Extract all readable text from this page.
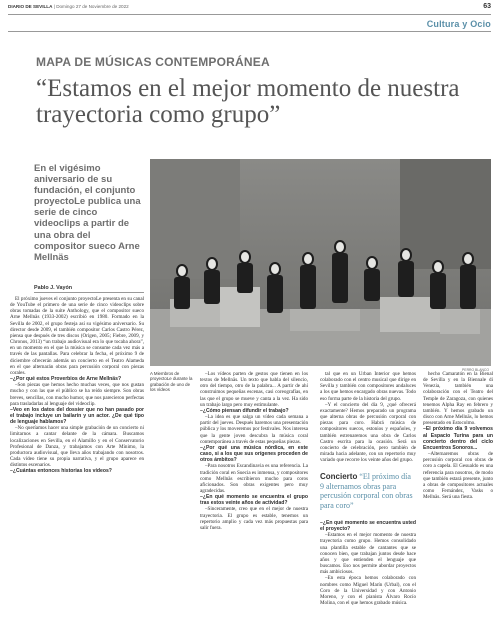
DIARIO DE SEVILLA | Domingo 27 de Noviembre de 2022	63
Cultura y Ocio
MAPA DE MÚSICAS CONTEMPORÁNEA
“Estamos en el mejor momento de nuestra trayectoria como grupo”
En el vigésimo aniversario de su fundación, el conjunto proyectoLe publica una serie de cinco videoclips a partir de una obra del compositor sueco Arne Mellnäs
Pablo J. Vayón
PERRO BLANCO
A Miembros de proyectoLe durante la grabación de uno de los vídeos

El próximo jueves el conjunto proyectoLe presenta en su canal de YouTube el primero de una serie de cinco videoclips sobre obras tomadas de la suite Anthology, que el compositor sueco Arne Mellnäs (1933-2002) escribió en 1980. Formado en la Sevilla de 2002, el grupo festeja así su vigésimo aniversario. Su director desde 2009, el también compositor Carlos Castro Pérez, piensa que después de tres discos (Origen, 2005; Fiebre, 2009, y Chronos, 2013) “un trabajo audiovisual era lo que tocaba ahora”, en un momento en el que la música se consume cada vez más a través de las pantallas. Para celebrar la fecha, el próximo 9 de diciembre ofrecerán además un concierto en el Teatro Alameda en el que alternarán obras para percusión corporal con piezas corales.

–¿Por qué estos Proverbios de Arne Mellnäs?

–Son piezas que hemos hecho muchas veces, que nos gustan mucho y con las que el público se ha reído siempre. Son obras breves, sencillas, con mucho humor, que nos parecieron perfectas para trasladarlas al lenguaje del videoclip.

–Veo en los datos del dossier que no han pasado por el trabajo incluye un bailarín y un actor. ¿De qué tipo de lenguaje hablamos?

–No queríamos hacer una simple grabación de un concierto ni limitarnos a cantar delante de la cámara. Buscamos localizaciones en Sevilla, en el Alamillo y en el Conservatorio Profesional de Danza, y trabajamos con Arte Mínimo, la productora audiovisual, que lleva años trabajando con nosotros. Cada vídeo tiene su propia narrativa, y el grupo aparece en distintos escenarios.

–¿Cuántas entonces historias los vídeos?

–Los vídeos parten de gestos que tienen en los textos de Mellnäs. Un texto que habla del silencio, otro del tiempo, otro de la palabra... A partir de ahí construimos pequeñas escenas, casi coreografías, en las que el grupo se mueve y canta a la vez. Ha sido un trabajo largo pero muy estimulante.

–¿Cómo piensan difundir el trabajo?

–La idea es que salga un vídeo cada semana a partir del jueves. Después haremos una presentación pública y los moveremos por festivales. Nos interesa que la gente joven descubra la música coral contemporánea a través de estas pequeñas piezas.

–¿Por qué una música nórdica, en este caso, si a los que sus orígenes proceden de otros ámbitos?

–Para nosotros Escandinavia es una referencia. La tradición coral en Suecia es inmensa, y compositores como Mellnäs escribieron mucho para coros aficionados. Son obras exigentes pero muy agradecidas.

–¿En qué momento se encuentra el grupo tras estos veinte años de actividad?

–Sinceramente, creo que en el mejor de nuestra trayectoria. El grupo es estable, tenemos un repertorio amplio y cada vez más propuestas para salir fuera.

tal que en un Urban Interior que hemos colaborado con el centro musical que dirige en Sevilla y también con compositores andaluces a los que hemos encargado obras nuevas. Todo eso forma parte de la historia del grupo.

–Y el concierto del día 9, ¿qué ofrecerá exactamente? Hemos preparado un programa que alterna obras de percusión corporal con piezas para coro. Habrá música de compositores suecos, estonios y españoles, y también estrenaremos una obra de Carlos Castro escrita para la ocasión. Será un concierto de celebración, pero también de mirada hacia adelante, con un repertorio muy variado que recorre los veinte años del grupo.

Concierto “El próximo día 9 alternamos obras para percusión corporal con obras para coro”

–¿En qué momento se encuentra usted el proyecto?

–Estamos en el mejor momento de nuestra trayectoria como grupo. Hemos consolidado una plantilla estable de cantantes que se conocen bien, que trabajan juntos desde hace años y que entienden el lenguaje que buscamos. Eso nos permite abordar proyectos más ambiciosos.

–En esta época hemos colaborado con nombres como Miguel Marín (Urbal), con el Coro de la Universidad y con Antonio Moreno, y con el pianista Álvaro Rocío Molina, con el que hemos grabado música.

hecho Camaratón en la Bienal de Sevilla y en la Biennale di Venezia, también una colaboración con el Teatro del Temple de Zaragoza, con quienes tenemos Alpha Ray en febrero y también. Y hemos grabado un disco con Arne Mellnäs, lo hemos presentado en Estocolmo.

–El próximo día 9 volvemos al Espacio Turina para un concierto dentro del ciclo Encuentros Sonoros...

–Alternaremos obras de percusión corporal con obras de coro a capela. El Gesualdo es una referencia para nosotros, de modo que también estará presente, junto a obras de compositores actuales como Fernández, Vasks o Mellnäs. Será una fiesta.
